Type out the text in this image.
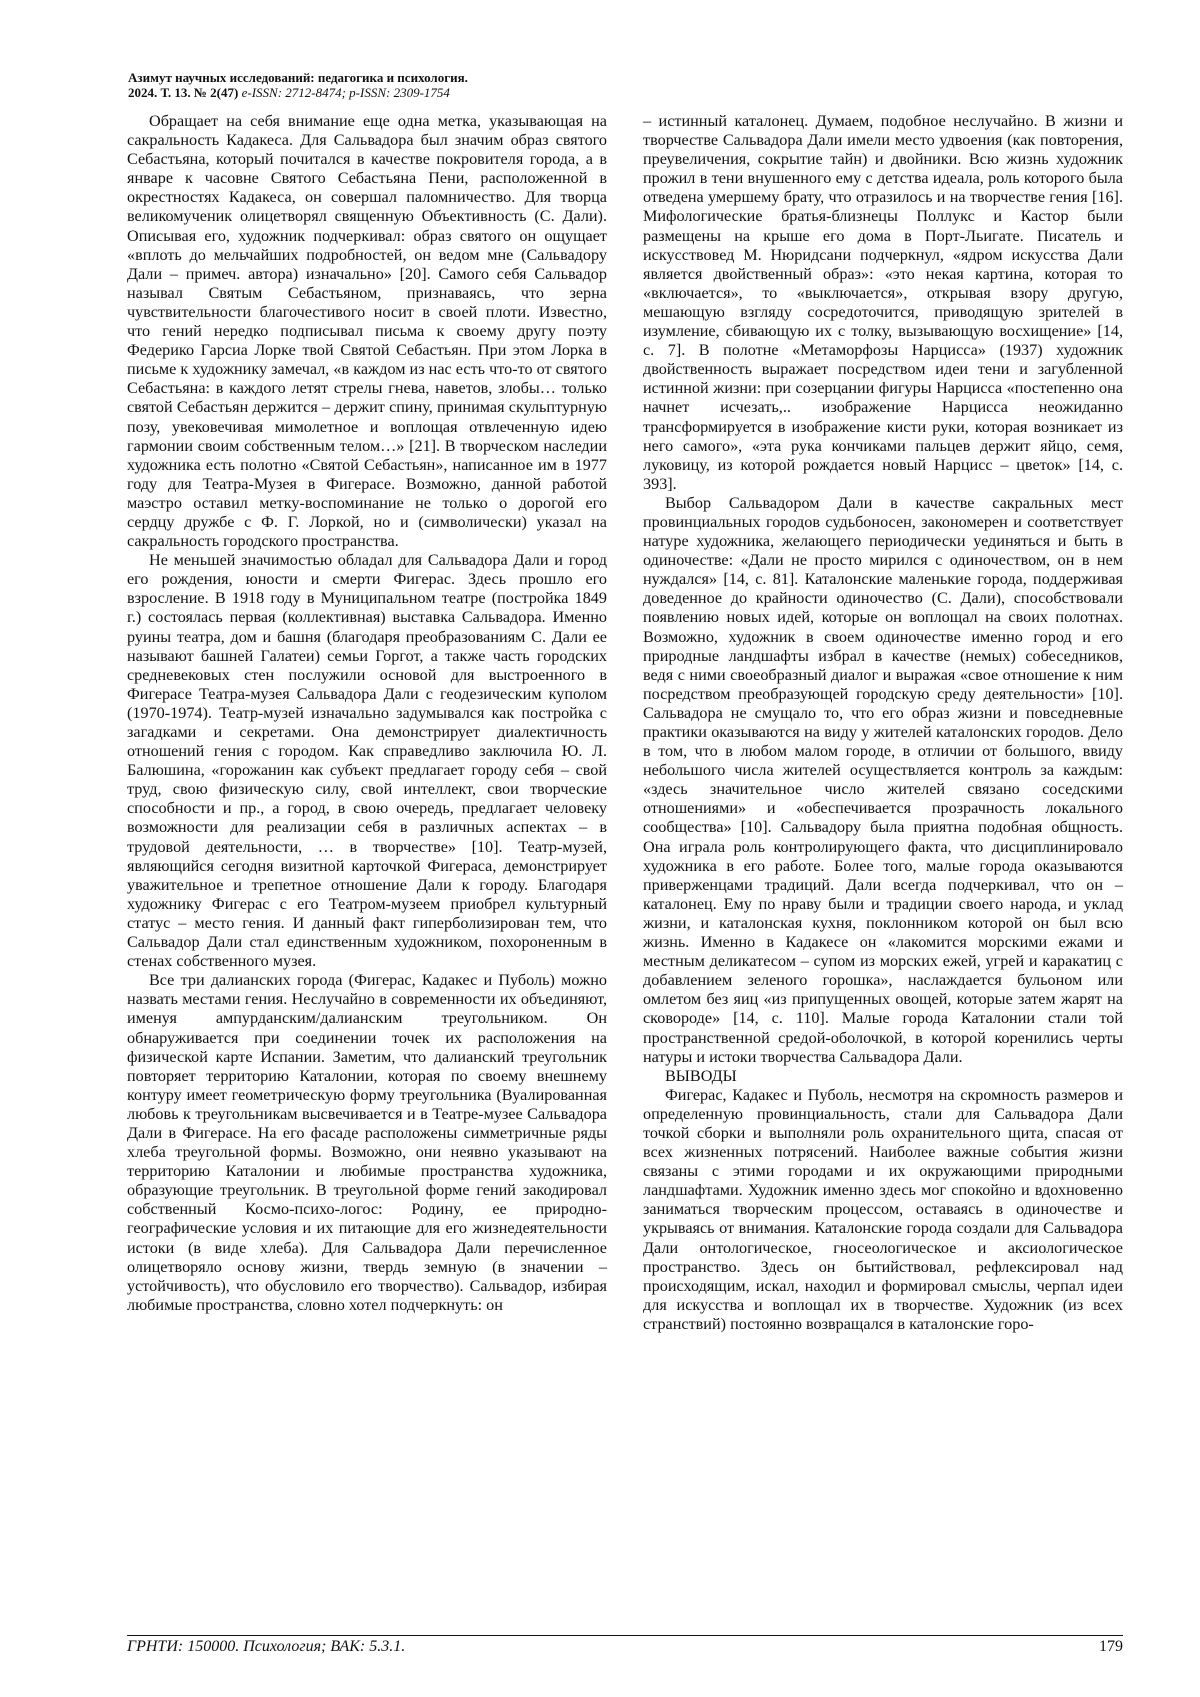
Азимут научных исследований: педагогика и психология.
2024. Т. 13. № 2(47) e-ISSN: 2712-8474; p-ISSN: 2309-1754

Обращает на себя внимание еще одна метка, указывающая на сакральность Кадакеса. Для Сальвадора был значим образ святого Себастьяна, который почитался в качестве покровителя города, а в январе к часовне Святого Себастьяна Пени, расположенной в окрестностях Кадакеса, он совершал паломничество. Для творца великомученик олицетворял священную Объективность (С. Дали). Описывая его, художник подчеркивал: образ святого он ощущает «вплоть до мельчайших подробностей, он ведом мне (Сальвадору Дали – примеч. автора) изначально» [20]. Самого себя Сальвадор называл Святым Себастьяном, признаваясь, что зерна чувствительности благочестивого носит в своей плоти. Известно, что гений нередко подписывал письма к своему другу поэту Федерико Гарсиа Лорке твой Святой Себастьян. При этом Лорка в письме к художнику замечал, «в каждом из нас есть что-то от святого Себастьяна: в каждого летят стрелы гнева, наветов, злобы… только святой Себастьян держится – держит спину, принимая скульптурную позу, увековечивая мимолетное и воплощая отвлеченную идею гармонии своим собственным телом…» [21]. В творческом наследии художника есть полотно «Святой Себастьян», написанное им в 1977 году для Театра-Музея в Фигерасе. Возможно, данной работой маэстро оставил метку-воспоминание не только о дорогой его сердцу дружбе с Ф. Г. Лоркой, но и (символически) указал на сакральность городского пространства.

Не меньшей значимостью обладал для Сальвадора Дали и город его рождения, юности и смерти Фигерас. Здесь прошло его взросление. В 1918 году в Муниципальном театре (постройка 1849 г.) состоялась первая (коллективная) выставка Сальвадора. Именно руины театра, дом и башня (благодаря преобразованиям С. Дали ее называют башней Галатеи) семьи Горгот, а также часть городских средневековых стен послужили основой для выстроенного в Фигерасе Театра-музея Сальвадора Дали с геодезическим куполом (1970-1974). Театр-музей изначально задумывался как постройка с загадками и секретами. Она демонстрирует диалектичность отношений гения с городом. Как справедливо заключила Ю. Л. Балюшина, «горожанин как субъект предлагает городу себя – свой труд, свою физическую силу, свой интеллект, свои творческие способности и пр., а город, в свою очередь, предлагает человеку возможности для реализации себя в различных аспектах – в трудовой деятельности, … в творчестве» [10]. Театр-музей, являющийся сегодня визитной карточкой Фигераса, демонстрирует уважительное и трепетное отношение Дали к городу. Благодаря художнику Фигерас с его Театром-музеем приобрел культурный статус – место гения. И данный факт гиперболизирован тем, что Сальвадор Дали стал единственным художником, похороненным в стенах собственного музея.

Все три далианских города (Фигерас, Кадакес и Пуболь) можно назвать местами гения. Неслучайно в современности их объединяют, именуя ампурданским/далианским треугольником. Он обнаруживается при соединении точек их расположения на физической карте Испании. Заметим, что далианский треугольник повторяет территорию Каталонии, которая по своему внешнему контуру имеет геометрическую форму треугольника (Вуалированная любовь к треугольникам высвечивается и в Театре-музее Сальвадора Дали в Фигерасе. На его фасаде расположены симметричные ряды хлеба треугольной формы. Возможно, они неявно указывают на территорию Каталонии и любимые пространства художника, образующие треугольник. В треугольной форме гений закодировал собственный Космо-психо-логос: Родину, ее природно-географические условия и их питающие для его жизнедеятельности истоки (в виде хлеба). Для Сальвадора Дали перечисленное олицетворяло основу жизни, твердь земную (в значении – устойчивость), что обусловило его творчество). Сальвадор, избирая любимые пространства, словно хотел подчеркнуть: он

– истинный каталонец. Думаем, подобное неслучайно. В жизни и творчестве Сальвадора Дали имели место удвоения (как повторения, преувеличения, сокрытие тайн) и двойники. Всю жизнь художник прожил в тени внушенного ему с детства идеала, роль которого была отведена умершему брату, что отразилось и на творчестве гения [16]. Мифологические братья-близнецы Поллукс и Кастор были размещены на крыше его дома в Порт-Льигате. Писатель и искусствовед М. Нюридсани подчеркнул, «ядром искусства Дали является двойственный образ»: «это некая картина, которая то «включается», то «выключается», открывая взору другую, мешающую взгляду сосредоточится, приводящую зрителей в изумление, сбивающую их с толку, вызывающую восхищение» [14, с. 7]. В полотне «Метаморфозы Нарцисса» (1937) художник двойственность выражает посредством идеи тени и загубленной истинной жизни: при созерцании фигуры Нарцисса «постепенно она начнет исчезать,.. изображение Нарцисса неожиданно трансформируется в изображение кисти руки, которая возникает из него самого», «эта рука кончиками пальцев держит яйцо, семя, луковицу, из которой рождается новый Нарцисс – цветок» [14, с. 393].

Выбор Сальвадором Дали в качестве сакральных мест провинциальных городов судьбоносен, закономерен и соответствует натуре художника, желающего периодически уединяться и быть в одиночестве: «Дали не просто мирился с одиночеством, он в нем нуждался» [14, с. 81]. Каталонские маленькие города, поддерживая доведенное до крайности одиночество (С. Дали), способствовали появлению новых идей, которые он воплощал на своих полотнах. Возможно, художник в своем одиночестве именно город и его природные ландшафты избрал в качестве (немых) собеседников, ведя с ними своеобразный диалог и выражая «свое отношение к ним посредством преобразующей городскую среду деятельности» [10]. Сальвадора не смущало то, что его образ жизни и повседневные практики оказываются на виду у жителей каталонских городов. Дело в том, что в любом малом городе, в отличии от большого, ввиду небольшого числа жителей осуществляется контроль за каждым: «здесь значительное число жителей связано соседскими отношениями» и «обеспечивается прозрачность локального сообщества» [10]. Сальвадору была приятна подобная общность. Она играла роль контролирующего факта, что дисциплинировало художника в его работе. Более того, малые города оказываются приверженцами традиций. Дали всегда подчеркивал, что он – каталонец. Ему по нраву были и традиции своего народа, и уклад жизни, и каталонская кухня, поклонником которой он был всю жизнь. Именно в Кадакесе он «лакомится морскими ежами и местным деликатесом – супом из морских ежей, угрей и каракатиц с добавлением зеленого горошка», наслаждается бульоном или омлетом без яиц «из припущенных овощей, которые затем жарят на сковороде» [14, с. 110]. Малые города Каталонии стали той пространственной средой-оболочкой, в которой коренились черты натуры и истоки творчества Сальвадора Дали.

ВЫВОДЫ

Фигерас, Кадакес и Пуболь, несмотря на скромность размеров и определенную провинциальность, стали для Сальвадора Дали точкой сборки и выполняли роль охранительного щита, спасая от всех жизненных потрясений. Наиболее важные события жизни связаны с этими городами и их окружающими природными ландшафтами. Художник именно здесь мог спокойно и вдохновенно заниматься творческим процессом, оставаясь в одиночестве и укрываясь от внимания. Каталонские города создали для Сальвадора Дали онтологическое, гносеологическое и аксиологическое пространство. Здесь он бытийствовал, рефлексировал над происходящим, искал, находил и формировал смыслы, черпал идеи для искусства и воплощал их в творчестве. Художник (из всех странствий) постоянно возвращался в каталонские горо-

ГРНТИ: 150000. Психология; ВАК: 5.3.1.	179
